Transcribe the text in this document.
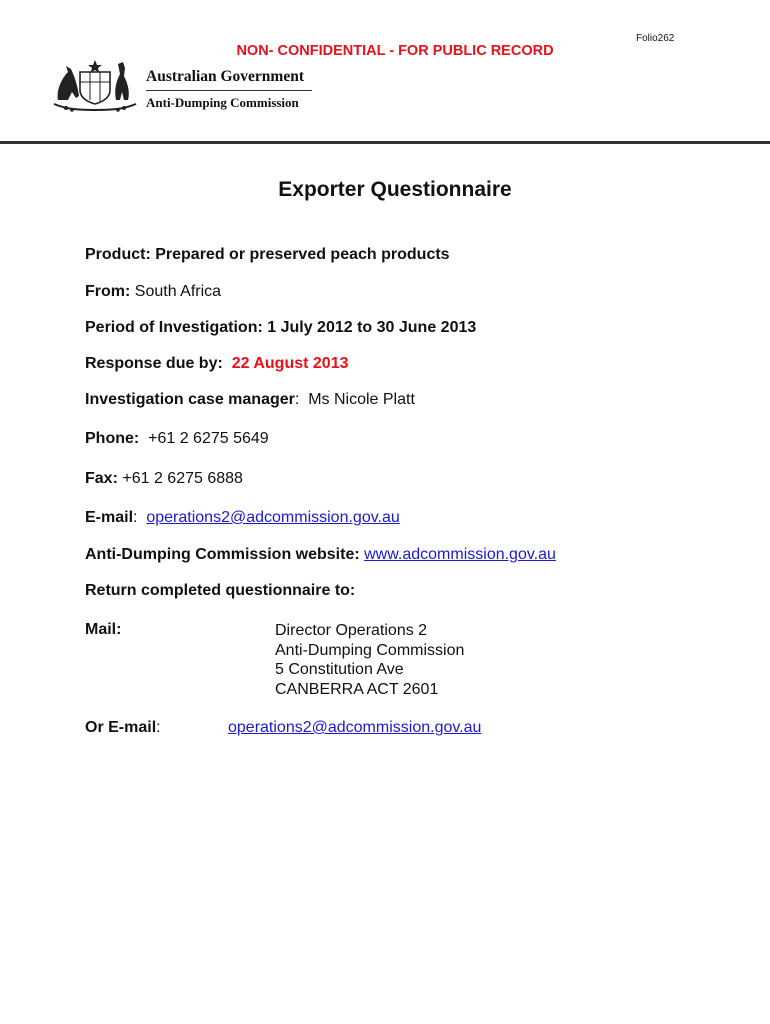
Folio262
NON- CONFIDENTIAL - FOR PUBLIC RECORD
Australian Government
Anti-Dumping Commission
Exporter Questionnaire
Product: Prepared or preserved peach products
From: South Africa
Period of Investigation: 1 July 2012 to 30 June 2013
Response due by: 22 August 2013
Investigation case manager:  Ms Nicole Platt
Phone: +61 2 6275 5649
Fax: +61 2 6275 6888
E-mail:  operations2@adcommission.gov.au
Anti-Dumping Commission website: www.adcommission.gov.au
Return completed questionnaire to:
Mail:	Director Operations 2
Anti-Dumping Commission
5 Constitution Ave
CANBERRA ACT 2601
Or E-mail:	operations2@adcommission.gov.au
